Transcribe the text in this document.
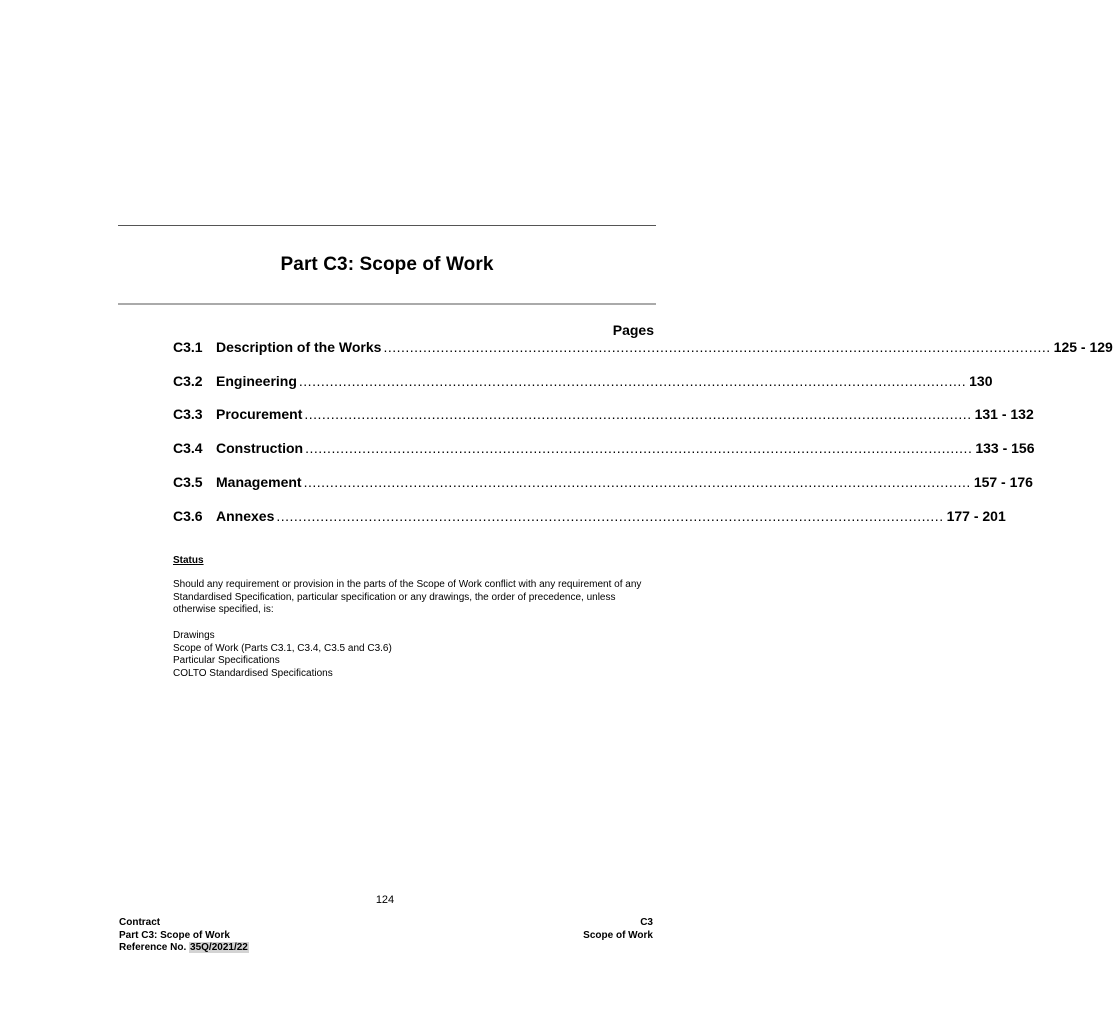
Part C3: Scope of Work
Pages
C3.1 Description of the Works ........................................................................................................................................................ 125 - 129
C3.2 Engineering ........................................................................................................................................................ 130
C3.3 Procurement ........................................................................................................................................................ 131 - 132
C3.4 Construction ........................................................................................................................................................ 133 - 156
C3.5 Management ........................................................................................................................................................ 157 - 176
C3.6 Annexes ........................................................................................................................................................ 177 - 201
Status
Should any requirement or provision in the parts of the Scope of Work conflict with any requirement of any Standardised Specification, particular specification or any drawings, the order of precedence, unless otherwise specified, is:
Drawings
Scope of Work (Parts C3.1, C3.4, C3.5 and C3.6)
Particular Specifications
COLTO Standardised Specifications
124
Contract
Part C3: Scope of Work
Reference No. 35Q/2021/22
C3
Scope of Work
